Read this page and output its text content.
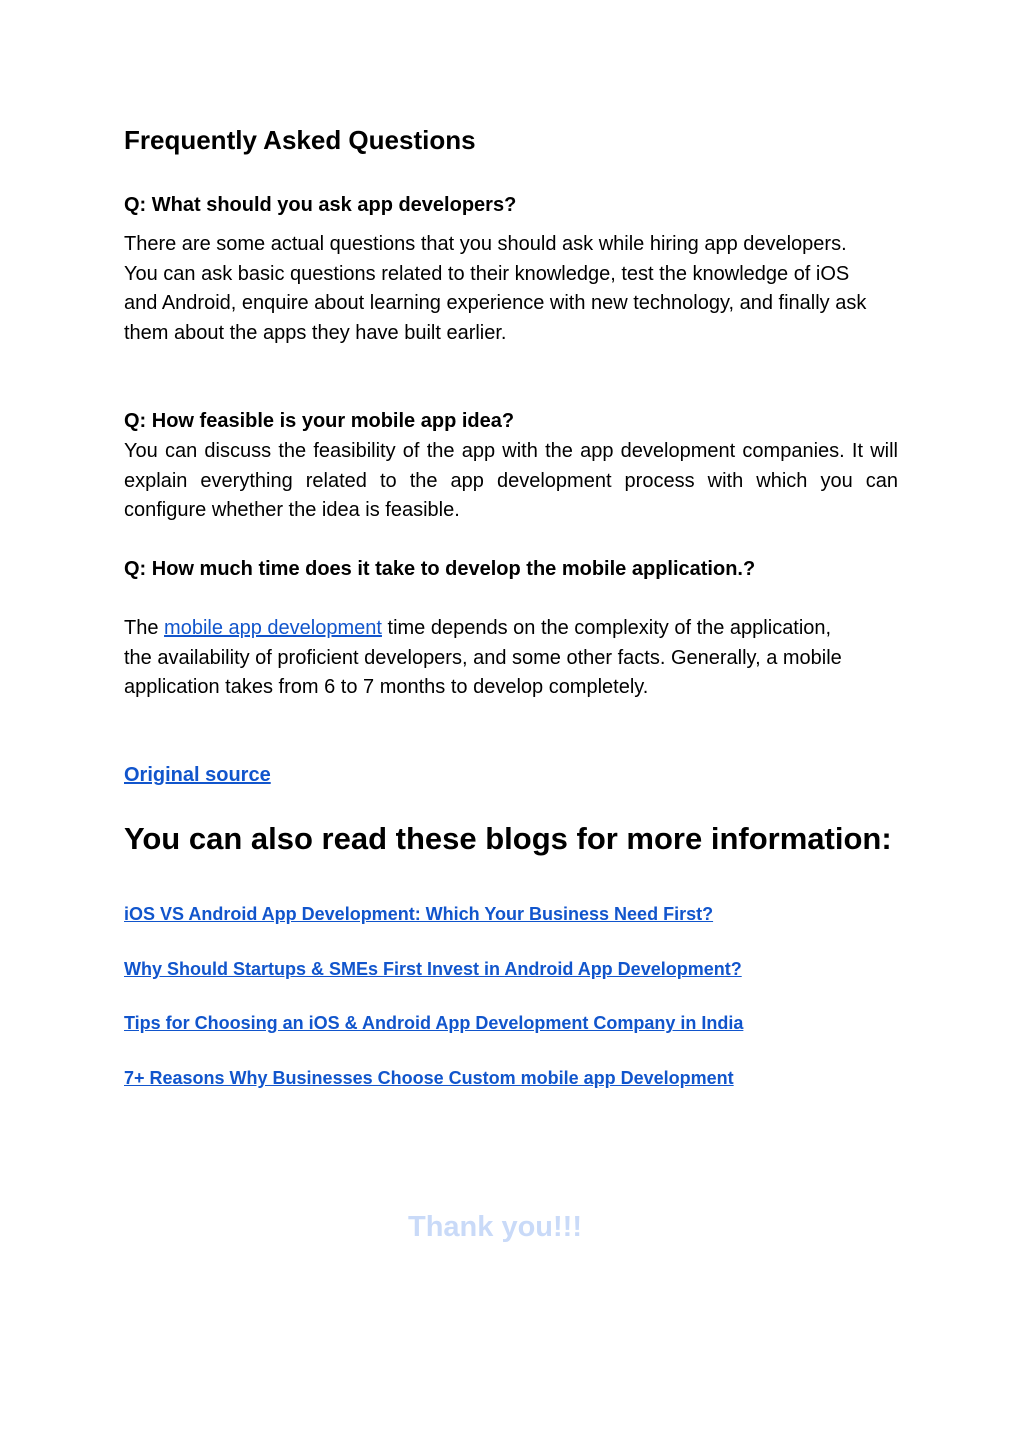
Frequently Asked Questions
Q: What should you ask app developers?

There are some actual questions that you should ask while hiring app developers. You can ask basic questions related to their knowledge, test the knowledge of iOS and Android, enquire about learning experience with new technology, and finally ask them about the apps they have built earlier.

Q: How feasible is your mobile app idea?

You can discuss the feasibility of the app with the app development companies. It will explain everything related to the app development process with which you can configure whether the idea is feasible.

Q: How much time does it take to develop the mobile application.?

The mobile app development time depends on the complexity of the application, the availability of proficient developers, and some other facts. Generally, a mobile application takes from 6 to 7 months to develop completely.

Original source
You can also read these blogs for more information:
iOS VS Android App Development: Which Your Business Need First?
Why Should Startups & SMEs First Invest in Android App Development?
Tips for Choosing an iOS & Android App Development Company in India
7+ Reasons Why Businesses Choose Custom mobile app Development
Thank you!!!
